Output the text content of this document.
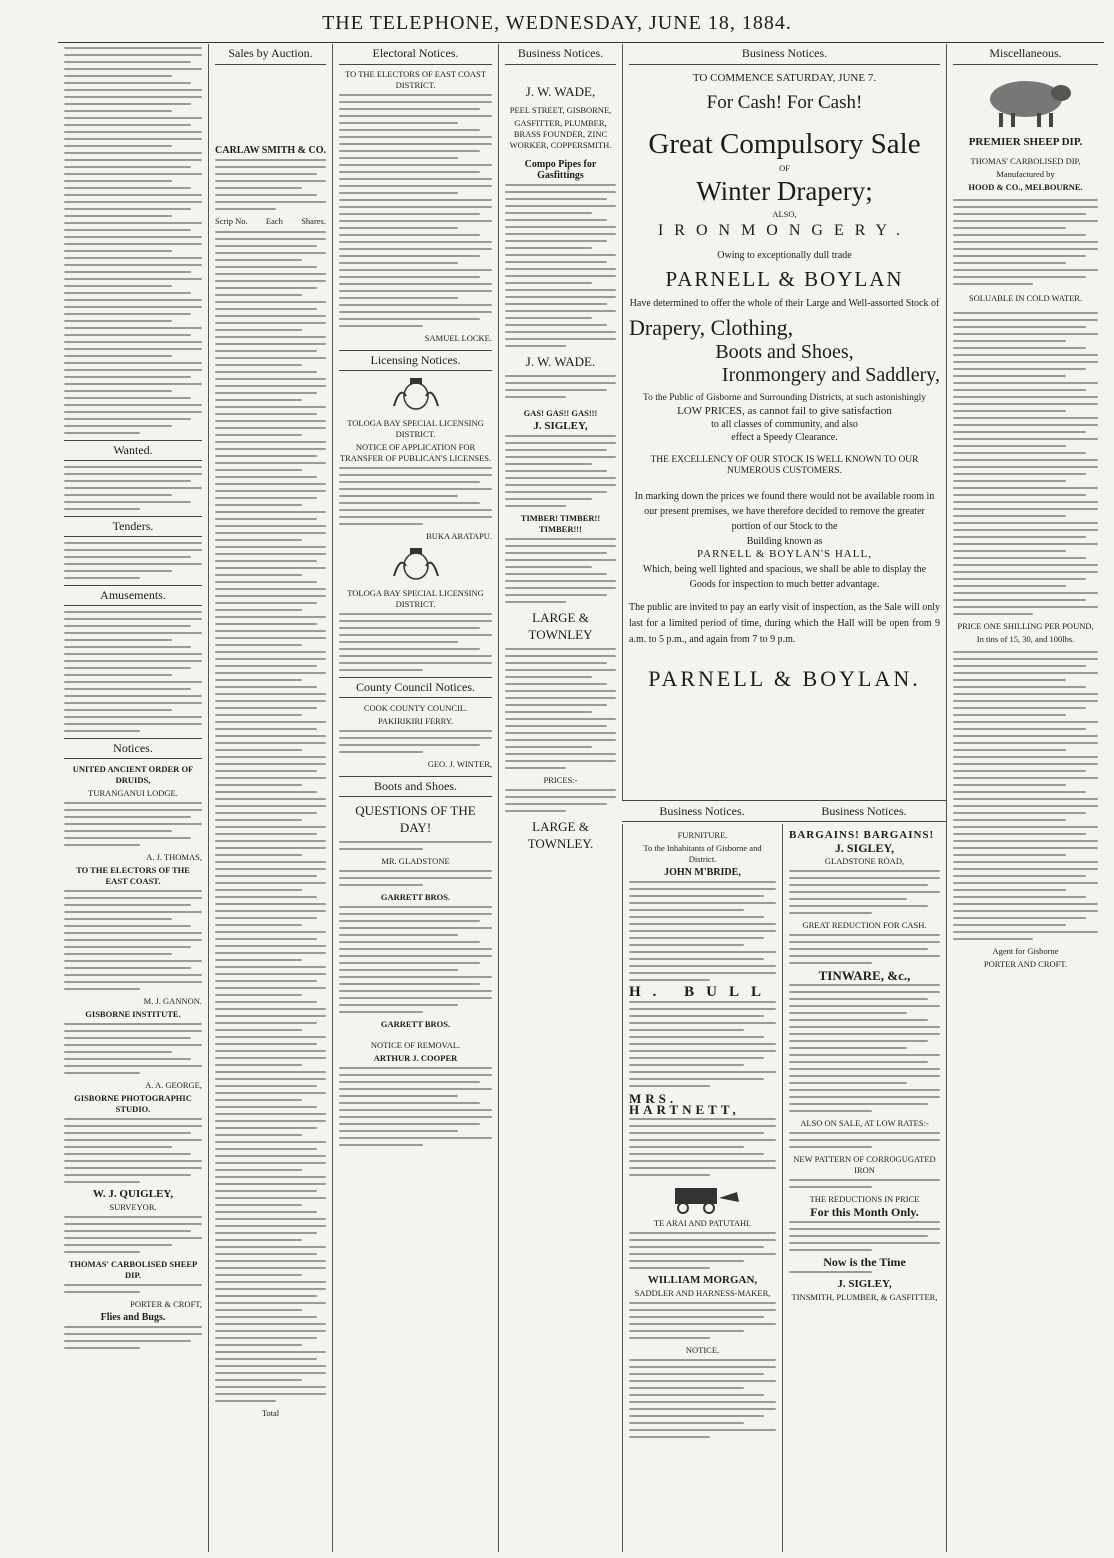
THE TELEPHONE, WEDNESDAY, JUNE 18, 1884.
Wanted.
Tenders.
Amusements.
Notices.
UNITED ANCIENT ORDER OF DRUIDS,
TURANGANUI LODGE.
A. J. THOMAS,
TO THE ELECTORS OF THE EAST COAST.
M. J. GANNON.
GISBORNE INSTITUTE.
A. A. GEORGE,
GISBORNE PHOTOGRAPHIC STUDIO.
W. J. QUIGLEY,
SURVEYOR.
THOMAS' CARBOLISED SHEEP DIP.
PORTER & CROFT,
Flies and Bugs.
Sales by Auction.
CARLAW SMITH & CO.
Scrip No. Each Shares.
Total
Electoral Notices.
TO THE ELECTORS OF EAST COAST DISTRICT.
SAMUEL LOCKE.
Licensing Notices.
TOLOGA BAY SPECIAL LICENSING DISTRICT.
NOTICE OF APPLICATION FOR TRANSFER OF PUBLICAN'S LICENSES.
BUKA ARATAPU.
TOLOGA BAY SPECIAL LICENSING DISTRICT.
County Council Notices.
COOK COUNTY COUNCIL.
PAKIRIKIRI FERRY.
GEO. J. WINTER,
Boots and Shoes.
QUESTIONS OF THE DAY!
MR. GLADSTONE
GARRETT BROS.
GARRETT BROS.
NOTICE OF REMOVAL.
ARTHUR J. COOPER
Business Notices.
J. W. WADE,
PEEL STREET, GISBORNE,
GASFITTER, PLUMBER, BRASS FOUNDER, ZINC WORKER, COPPERSMITH.
Compo Pipes for Gasfittings
J. W. WADE.
GAS! GAS!! GAS!!!
J. SIGLEY,
TIMBER! TIMBER!! TIMBER!!!
LARGE & TOWNLEY
PRICES:-
LARGE & TOWNLEY.
Business Notices.
TO COMMENCE SATURDAY, JUNE 7.
For Cash! For Cash!
Great Compulsory Sale
OF
Winter Drapery;
ALSO,
IRONMONGERY.
Owing to exceptionally dull trade
PARNELL & BOYLAN
Have determined to offer the whole of their Large and Well-assorted Stock of
Drapery, Clothing,
Boots and Shoes,
Ironmongery and Saddlery,
To the Public of Gisborne and Surrounding Districts, at such astonishingly
LOW PRICES, as cannot fail to give satisfaction
to all classes of community, and also
effect a Speedy Clearance.
THE EXCELLENCY OF OUR STOCK IS WELL KNOWN TO OUR NUMEROUS CUSTOMERS.
In marking down the prices we found there would not be available room in our present premises, we have therefore decided to remove the greater portion of our Stock to the
Building known as
PARNELL & BOYLAN'S HALL,
Which, being well lighted and spacious, we shall be able to display the Goods for inspection to much better advantage.
The public are invited to pay an early visit of inspection, as the Sale will only last for a limited period of time, during which the Hall will be open from 9 a.m. to 5 p.m., and again from 7 to 9 p.m.
PARNELL & BOYLAN.
Business Notices.	Business Notices.
FURNITURE.
To the Inhabitants of Gisborne and District.
JOHN M'BRIDE,
H. BULL
MRS. HARTNETT,
TE ARAI AND PATUTAHI.
WILLIAM MORGAN,
SADDLER AND HARNESS-MAKER,
NOTICE.
BARGAINS! BARGAINS!
J. SIGLEY,
GLADSTONE ROAD,
GREAT REDUCTION FOR CASH.
TINWARE, &c.,
ALSO ON SALE, AT LOW RATES:-
NEW PATTERN OF CORROGUGATED IRON
THE REDUCTIONS IN PRICE
For this Month Only.
Now is the Time
J. SIGLEY,
TINSMITH, PLUMBER, & GASFITTER,
Miscellaneous.
PREMIER SHEEP DIP.
THOMAS' CARBOLISED DIP,
Manufactured by
HOOD & CO., MELBOURNE.
SOLUABLE IN COLD WATER.
PRICE ONE SHILLING PER POUND,
In tins of 15, 30, and 100lbs.
Agent for Gisborne
PORTER AND CROFT.
